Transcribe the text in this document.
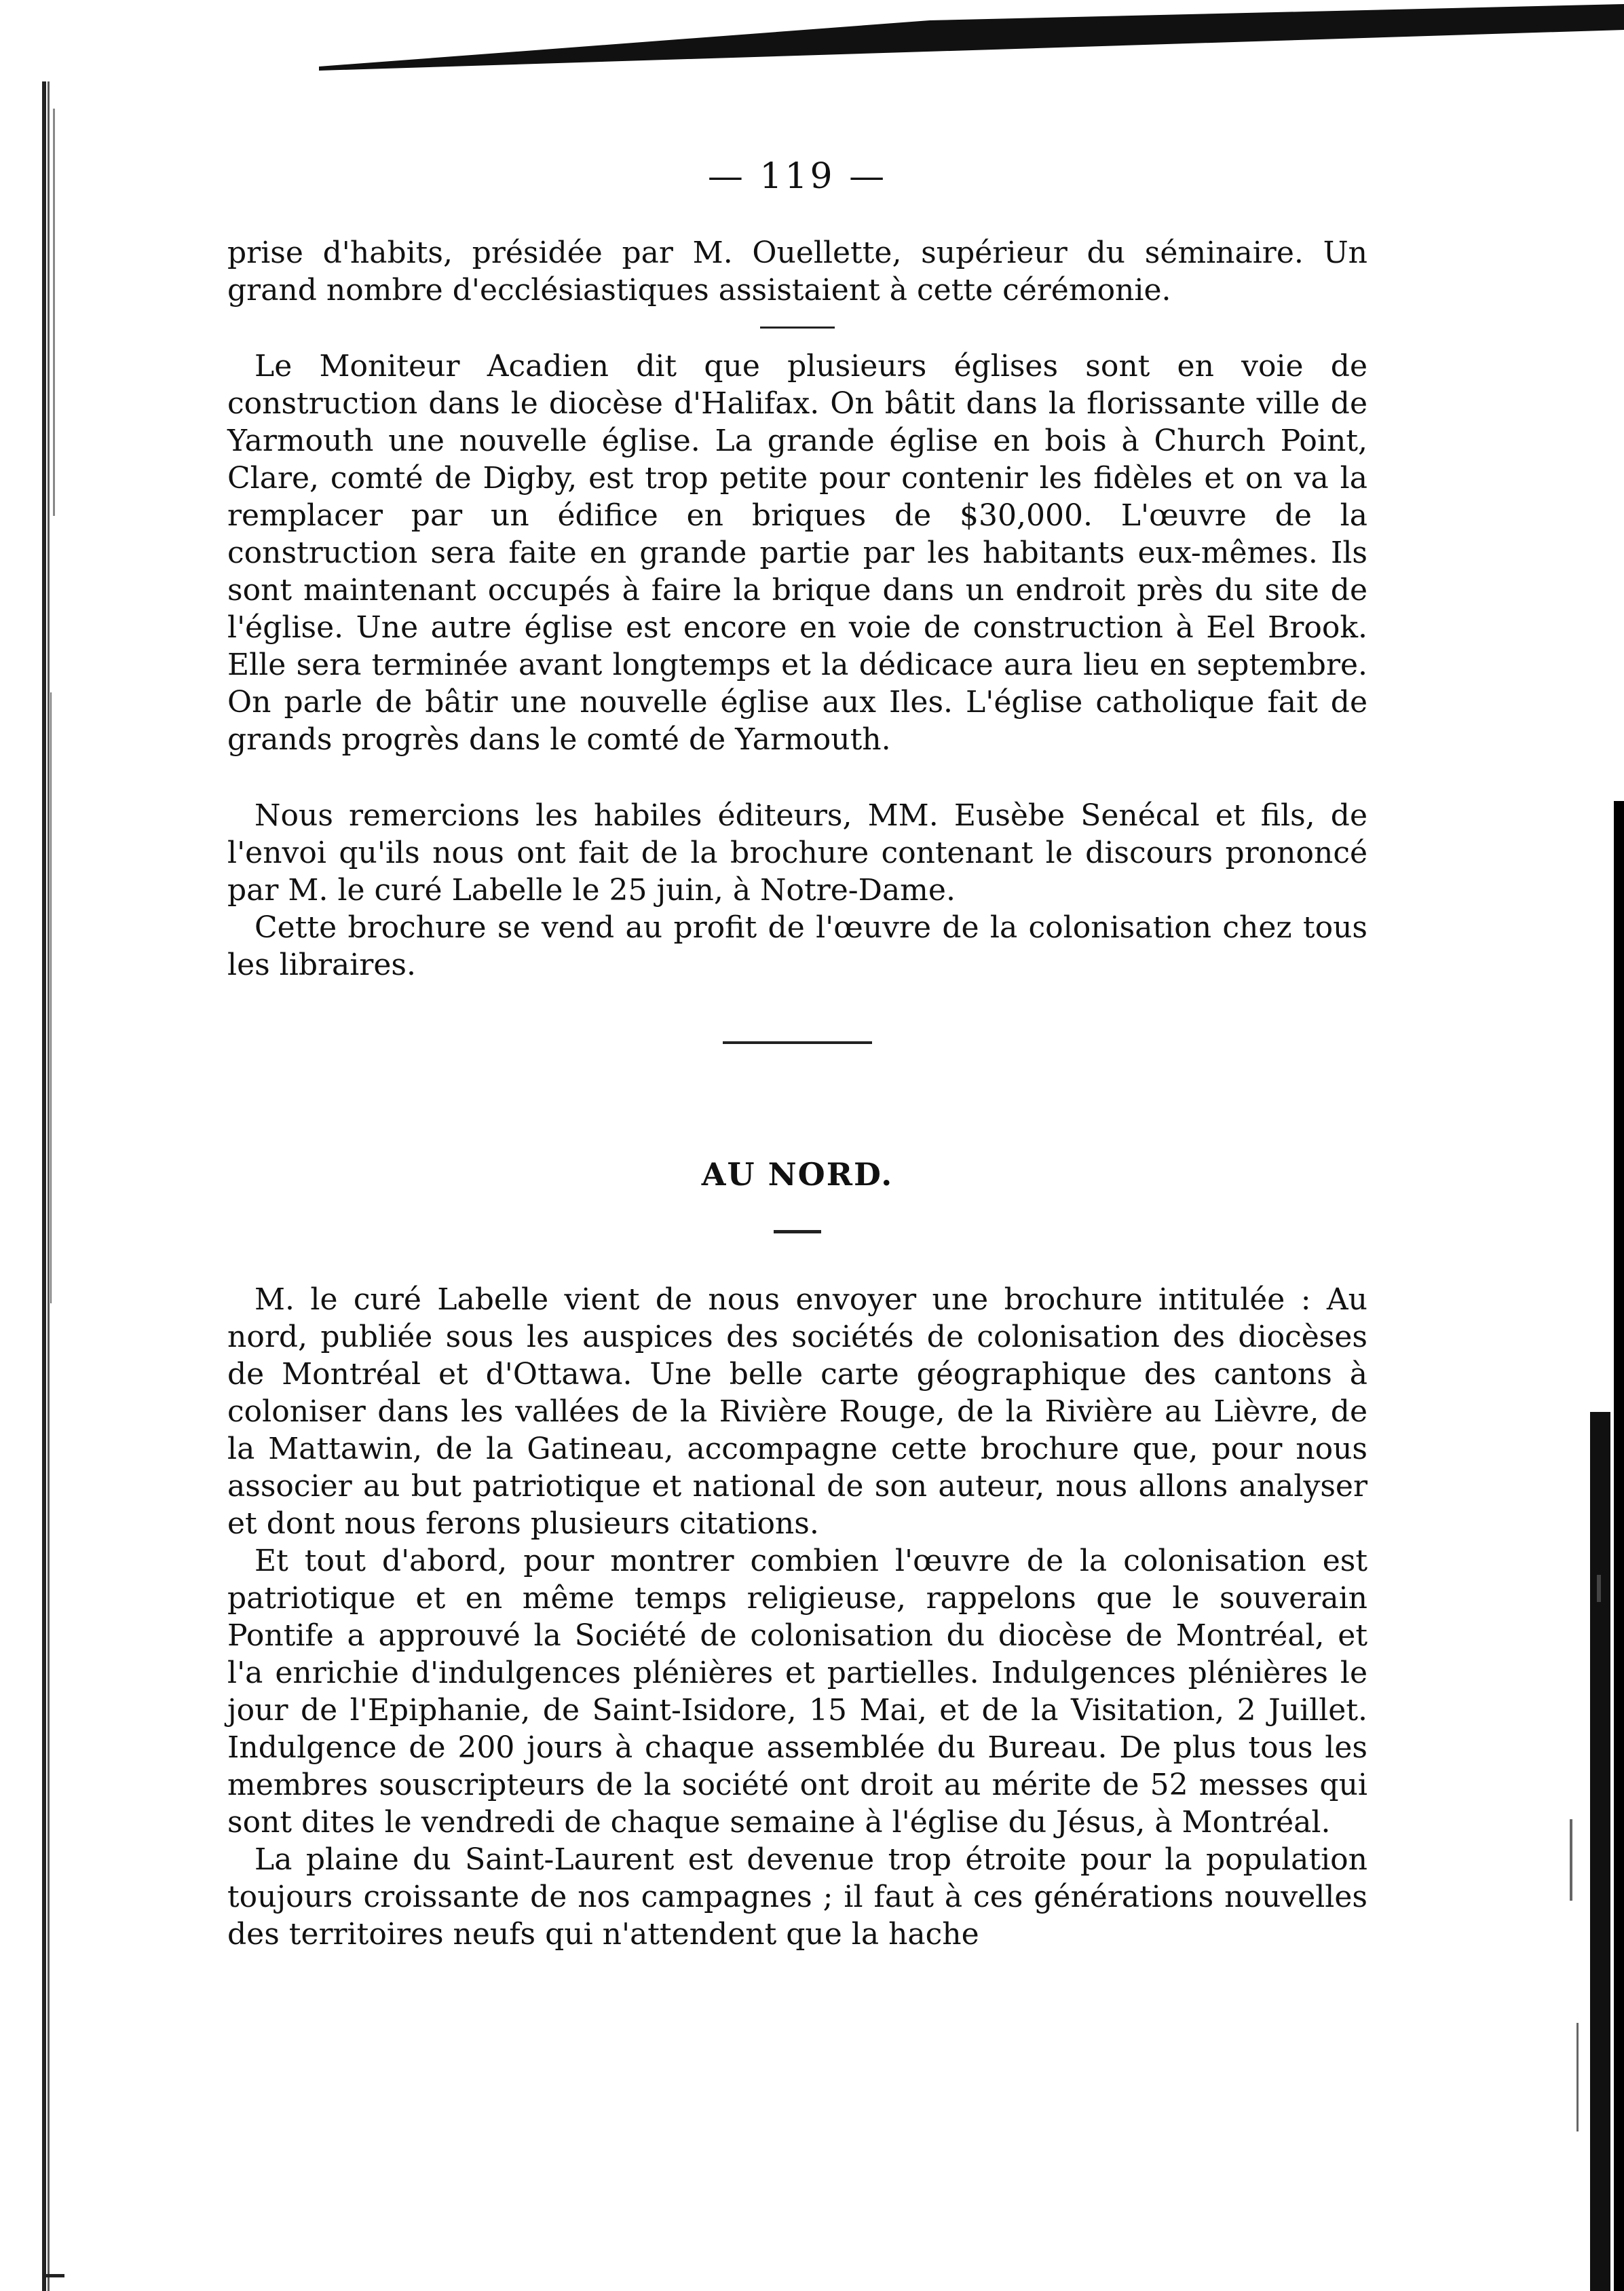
— 119 —

prise d'habits, présidée par M. Ouellette, supérieur du séminaire. Un grand nombre d'ecclésiastiques assistaient à cette cérémonie.

Le Moniteur Acadien dit que plusieurs églises sont en voie de construction dans le diocèse d'Halifax. On bâtit dans la florissante ville de Yarmouth une nouvelle église. La grande église en bois à Church Point, Clare, comté de Digby, est trop petite pour contenir les fidèles et on va la remplacer par un édifice en briques de $30,000. L'œuvre de la construction sera faite en grande partie par les habitants eux-mêmes. Ils sont maintenant occupés à faire la brique dans un endroit près du site de l'église. Une autre église est encore en voie de construction à Eel Brook. Elle sera terminée avant longtemps et la dédicace aura lieu en septembre. On parle de bâtir une nouvelle église aux Iles. L'église catholique fait de grands progrès dans le comté de Yarmouth.

Nous remercions les habiles éditeurs, MM. Eusèbe Senécal et fils, de l'envoi qu'ils nous ont fait de la brochure contenant le discours prononcé par M. le curé Labelle le 25 juin, à Notre-Dame.

Cette brochure se vend au profit de l'œuvre de la colonisation chez tous les libraires.

AU NORD.

M. le curé Labelle vient de nous envoyer une brochure intitulée : Au nord, publiée sous les auspices des sociétés de colonisation des diocèses de Montréal et d'Ottawa. Une belle carte géographique des cantons à coloniser dans les vallées de la Rivière Rouge, de la Rivière au Lièvre, de la Mattawin, de la Gatineau, accompagne cette brochure que, pour nous associer au but patriotique et national de son auteur, nous allons analyser et dont nous ferons plusieurs citations.

Et tout d'abord, pour montrer combien l'œuvre de la colonisation est patriotique et en même temps religieuse, rappelons que le souverain Pontife a approuvé la Société de colonisation du diocèse de Montréal, et l'a enrichie d'indulgences plénières et partielles. Indulgences plénières le jour de l'Epiphanie, de Saint-Isidore, 15 Mai, et de la Visitation, 2 Juillet. Indulgence de 200 jours à chaque assemblée du Bureau. De plus tous les membres souscripteurs de la société ont droit au mérite de 52 messes qui sont dites le vendredi de chaque semaine à l'église du Jésus, à Montréal.

La plaine du Saint-Laurent est devenue trop étroite pour la population toujours croissante de nos campagnes ; il faut à ces générations nouvelles des territoires neufs qui n'attendent que la hache
